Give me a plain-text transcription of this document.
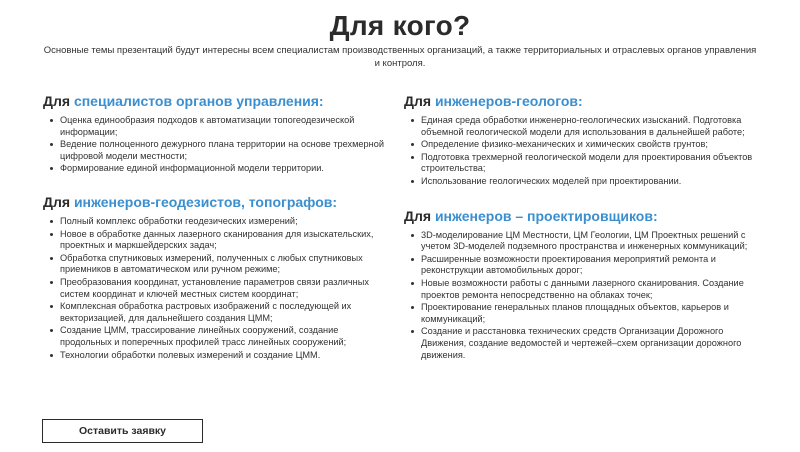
Для кого?

Основные темы презентаций будут интересны всем специалистам производственных организаций, а также территориальных и отраслевых органов управления и контроля.

Для специалистов органов управления:
Оценка единообразия подходов к автоматизации топогеодезической информации;
Ведение полноценного дежурного плана территории на основе трехмерной цифровой модели местности;
Формирование единой информационной модели территории.
Для инженеров-геодезистов, топографов:
Полный комплекс обработки геодезических измерений;
Новое в обработке данных лазерного сканирования для изыскательских, проектных и маркшейдерских задач;
Обработка спутниковых измерений, полученных с любых спутниковых приемников в автоматическом или ручном режиме;
Преобразования координат, установление параметров связи различных систем координат и ключей местных систем координат;
Комплексная обработка растровых изображений с последующей их векторизацией, для дальнейшего создания ЦММ;
Создание ЦММ, трассирование линейных сооружений, создание продольных и поперечных профилей трасс линейных сооружений;
Технологии обработки полевых измерений и создание ЦММ.
Для инженеров-геологов:
Единая среда обработки инженерно-геологических изысканий. Подготовка объемной геологической модели для использования в дальнейшей работе;
Определение физико-механических и химических свойств грунтов;
Подготовка трехмерной геологической модели для проектирования объектов строительства;
Использование геологических моделей при проектировании.
Для инженеров – проектировщиков:
3D-моделирование ЦМ Местности, ЦМ Геологии, ЦМ Проектных решений с учетом 3D-моделей подземного пространства и инженерных коммуникаций;
Расширенные возможности проектирования мероприятий ремонта и реконструкции автомобильных дорог;
Новые возможности работы с данными лазерного сканирования. Создание проектов ремонта непосредственно на облаках точек;
Проектирование генеральных планов площадных объектов, карьеров и коммуникаций;
Создание и расстановка технических средств Организации Дорожного Движения, создание ведомостей и чертежей–схем организации дорожного движения.
Оставить заявку
